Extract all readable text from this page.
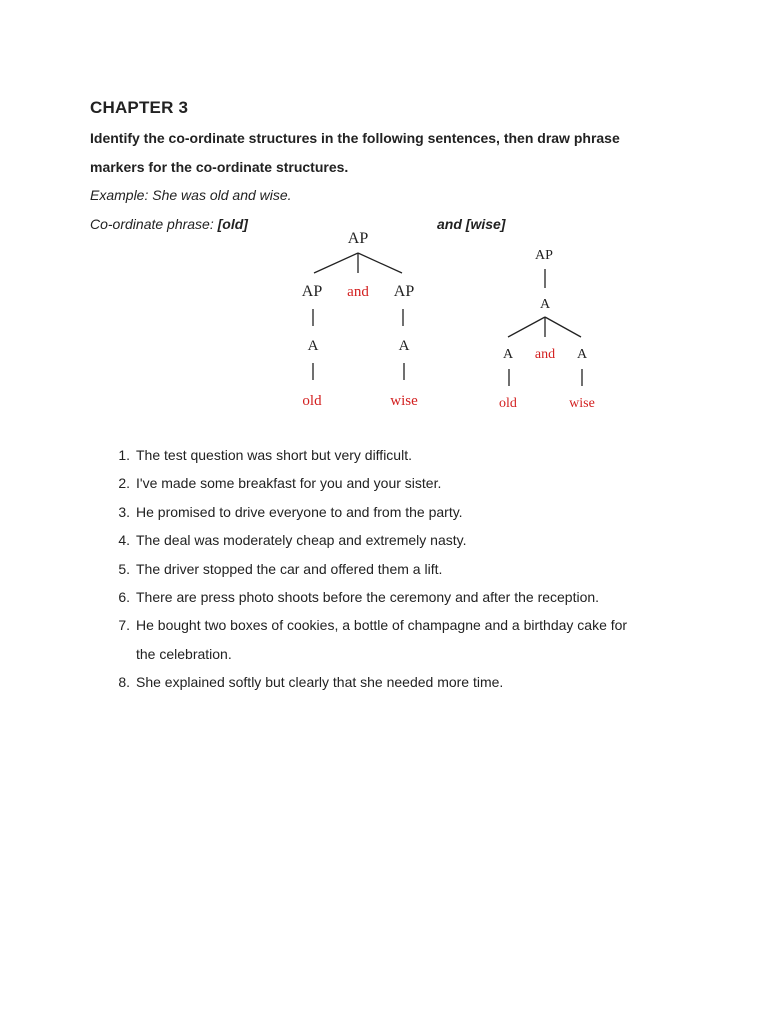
CHAPTER 3
Identify the co-ordinate structures in the following sentences, then draw phrase
markers for the co-ordinate structures.
Example: She was old and wise.
Co-ordinate phrase: [old]	and [wise]
AP
AP and AP
A	A
old	wise
AP
A
A and A
old	wise
1. The test question was short but very difficult.
2. I've made some breakfast for you and your sister.
3. He promised to drive everyone to and from the party.
4. The deal was moderately cheap and extremely nasty.
5. The driver stopped the car and offered them a lift.
6. There are press photo shoots before the ceremony and after the reception.
7. He bought two boxes of cookies, a bottle of champagne and a birthday cake for
the celebration.
8. She explained softly but clearly that she needed more time.
